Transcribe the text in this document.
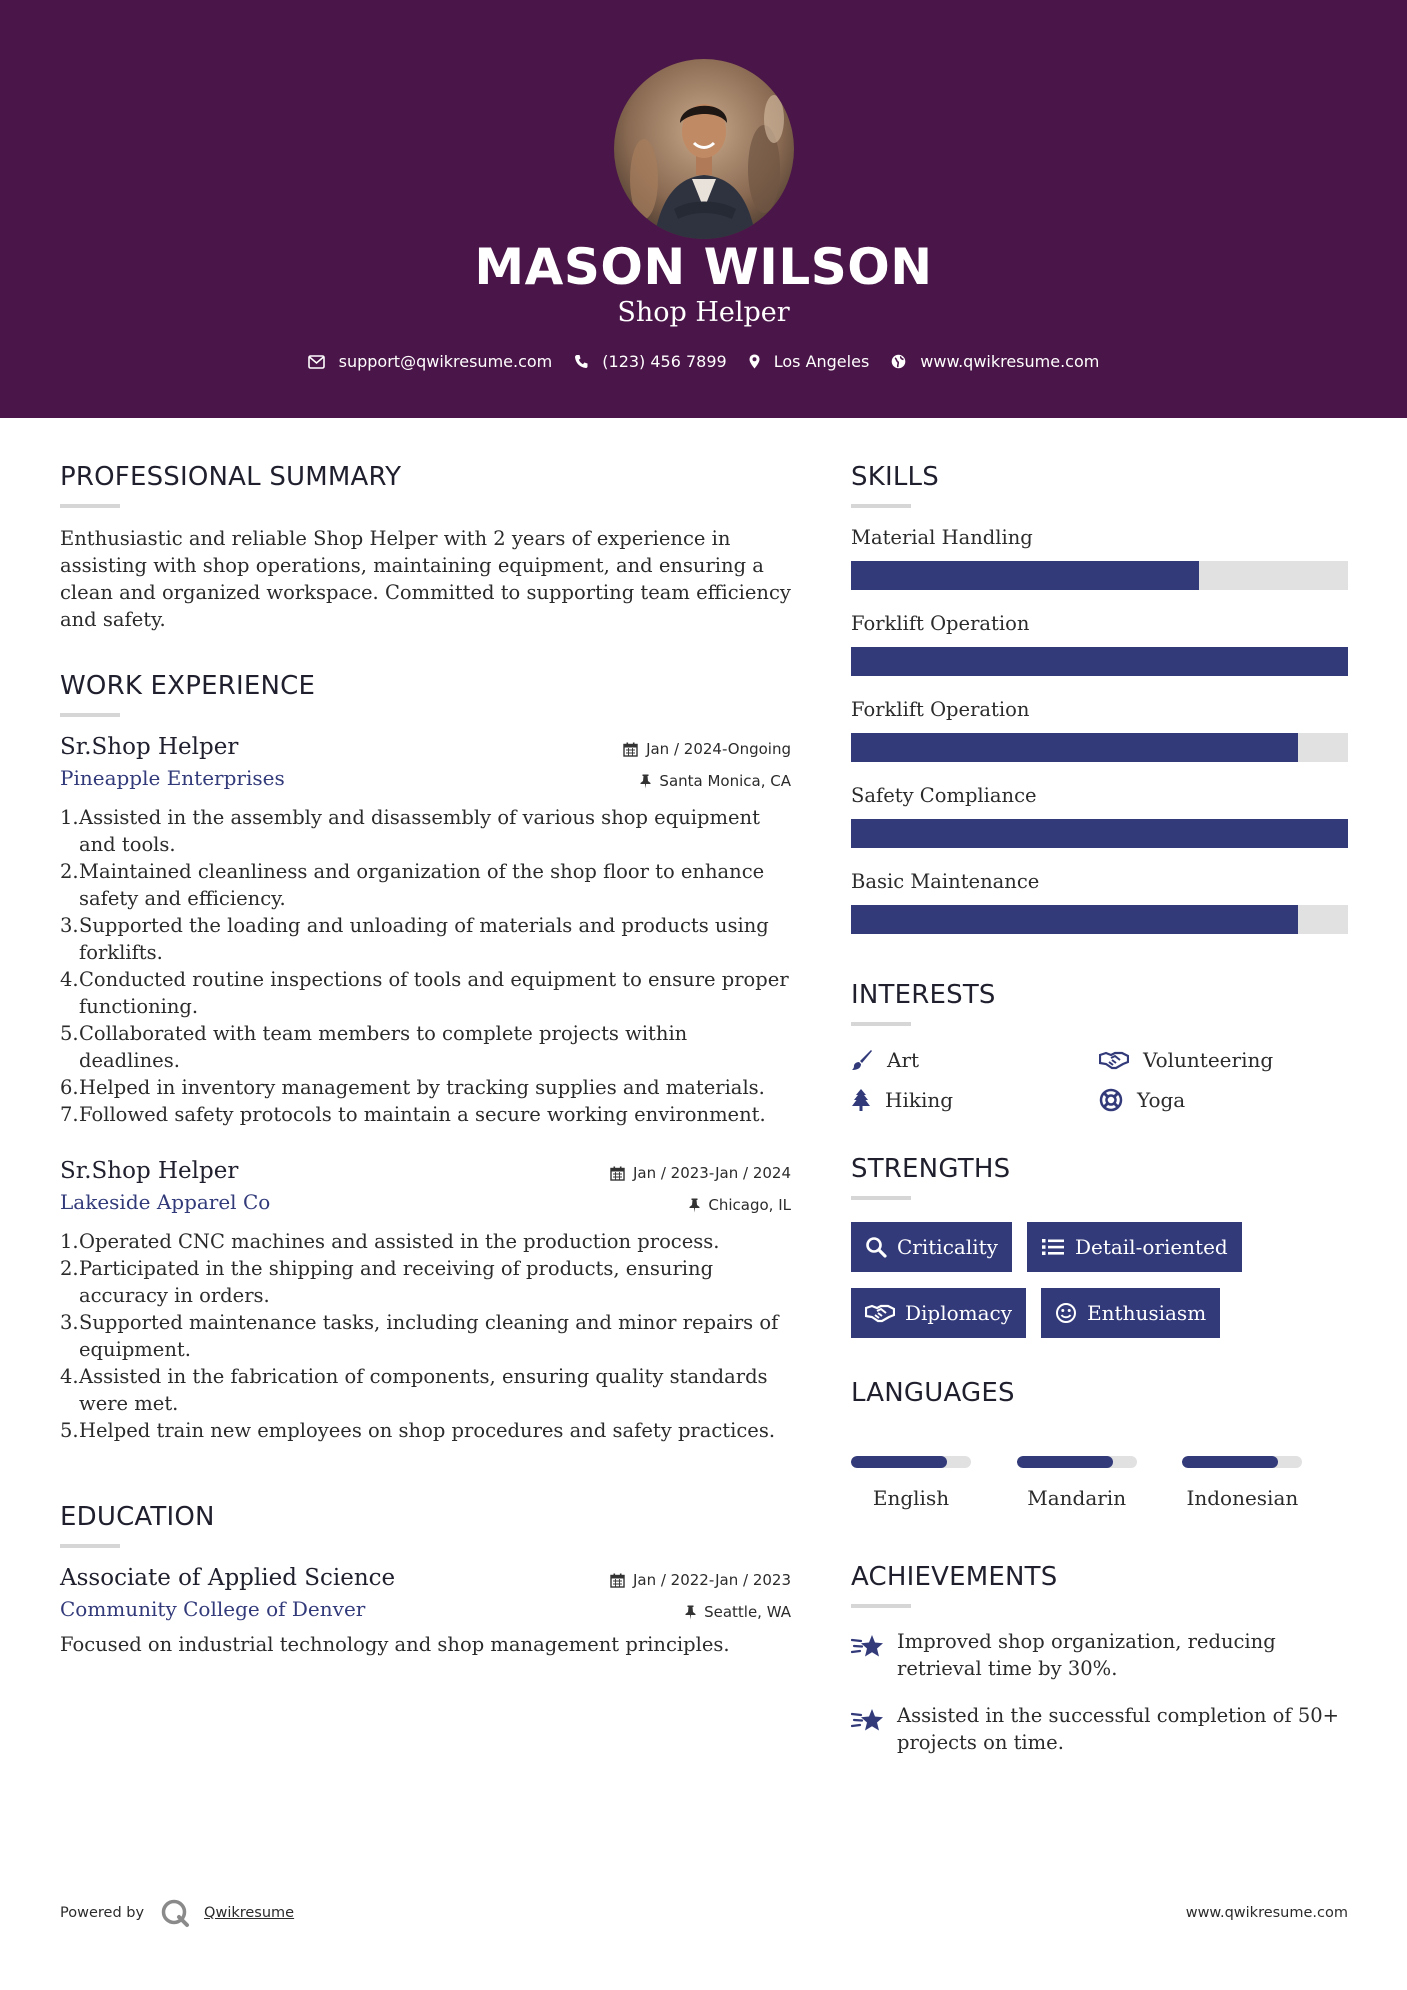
MASON WILSON
Shop Helper
support@qwikresume.com	(123) 456 7899	Los Angeles	www.qwikresume.com
PROFESSIONAL SUMMARY

Enthusiastic and reliable Shop Helper with 2 years of experience in assisting with shop operations, maintaining equipment, and ensuring a clean and organized workspace. Committed to supporting team efficiency and safety.

WORK EXPERIENCE
Sr.Shop Helper
Pineapple Enterprises
Jan / 2024-Ongoing
Santa Monica, CA
1. Assisted in the assembly and disassembly of various shop equipment and tools.
2. Maintained cleanliness and organization of the shop floor to enhance safety and efficiency.
3. Supported the loading and unloading of materials and products using forklifts.
4. Conducted routine inspections of tools and equipment to ensure proper functioning.
5. Collaborated with team members to complete projects within deadlines.
6. Helped in inventory management by tracking supplies and materials.
7. Followed safety protocols to maintain a secure working environment.
Sr.Shop Helper
Lakeside Apparel Co
Jan / 2023-Jan / 2024
Chicago, IL
1. Operated CNC machines and assisted in the production process.
2. Participated in the shipping and receiving of products, ensuring accuracy in orders.
3. Supported maintenance tasks, including cleaning and minor repairs of equipment.
4. Assisted in the fabrication of components, ensuring quality standards were met.
5. Helped train new employees on shop procedures and safety practices.
EDUCATION
Associate of Applied Science
Community College of Denver
Jan / 2022-Jan / 2023
Seattle, WA

Focused on industrial technology and shop management principles.

SKILLS
Material Handling
Forklift Operation
Forklift Operation
Safety Compliance
Basic Maintenance
INTERESTS
Art	Volunteering
Hiking	Yoga
STRENGTHS
Criticality	Detail-oriented
Diplomacy	Enthusiasm
LANGUAGES
English	Mandarin	Indonesian
ACHIEVEMENTS
Improved shop organization, reducing retrieval time by 30%.
Assisted in the successful completion of 50+ projects on time.
Powered by	Qwikresume	www.qwikresume.com
